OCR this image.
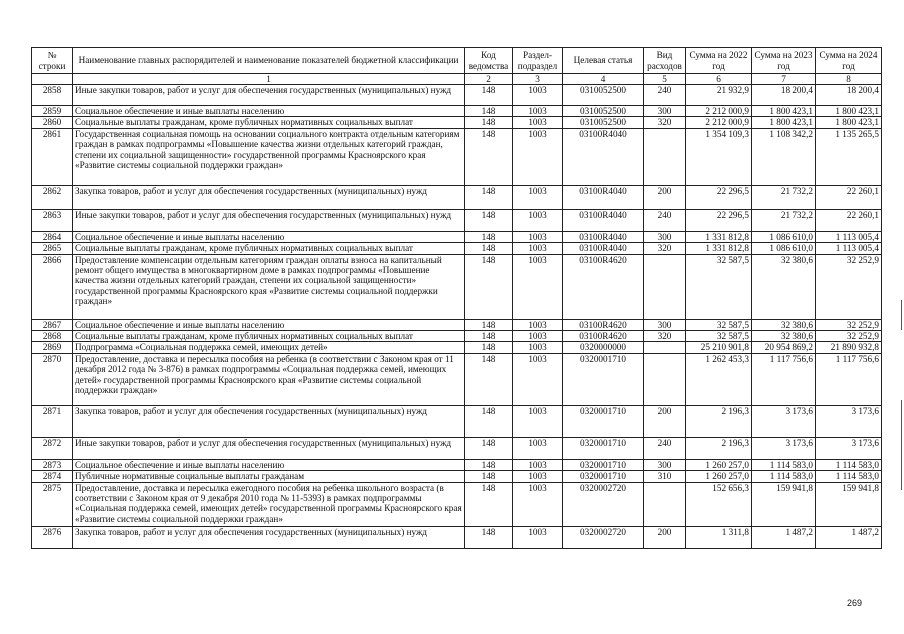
№ строки	Наименование главных распорядителей и наименование показателей бюджетной классификации	Код ведомства	Раздел-подраздел	Целевая статья	Вид расходов	Сумма на 2022 год	Сумма на 2023 год	Сумма на 2024 год
	1	2	3	4	5	6	7	8
2858	Иные закупки товаров, работ и услуг для обеспечения государственных (муниципальных) нужд	148	1003	0310052500	240	21 932,9	18 200,4	18 200,4
2859	Социальное обеспечение и иные выплаты населению	148	1003	0310052500	300	2 212 000,9	1 800 423,1	1 800 423,1
2860	Социальные выплаты гражданам, кроме публичных нормативных социальных выплат	148	1003	0310052500	320	2 212 000,9	1 800 423,1	1 800 423,1
2861	Государственная социальная помощь на основании социального контракта отдельным категориям граждан в рамках подпрограммы «Повышение качества жизни отдельных категорий граждан, степени их социальной защищенности» государственной программы Красноярского края «Развитие системы социальной поддержки граждан»	148	1003	03100R4040		1 354 109,3	1 108 342,2	1 135 265,5
2862	Закупка товаров, работ и услуг для обеспечения государственных (муниципальных) нужд	148	1003	03100R4040	200	22 296,5	21 732,2	22 260,1
2863	Иные закупки товаров, работ и услуг для обеспечения государственных (муниципальных) нужд	148	1003	03100R4040	240	22 296,5	21 732,2	22 260,1
2864	Социальное обеспечение и иные выплаты населению	148	1003	03100R4040	300	1 331 812,8	1 086 610,0	1 113 005,4
2865	Социальные выплаты гражданам, кроме публичных нормативных социальных выплат	148	1003	03100R4040	320	1 331 812,8	1 086 610,0	1 113 005,4
2866	Предоставление компенсации отдельным категориям граждан оплаты взноса на капитальный ремонт общего имущества в многоквартирном доме в рамках подпрограммы «Повышение качества жизни отдельных категорий граждан, степени их социальной защищенности» государственной программы Красноярского края «Развитие системы социальной поддержки граждан»	148	1003	03100R4620		32 587,5	32 380,6	32 252,9
2867	Социальное обеспечение и иные выплаты населению	148	1003	03100R4620	300	32 587,5	32 380,6	32 252,9
2868	Социальные выплаты гражданам, кроме публичных нормативных социальных выплат	148	1003	03100R4620	320	32 587,5	32 380,6	32 252,9
2869	Подпрограмма «Социальная поддержка семей, имеющих детей»	148	1003	0320000000		25 210 901,8	20 954 869,2	21 890 932,8
2870	Предоставление, доставка и пересылка пособия на ребенка (в соответствии с Законом края от 11 декабря 2012 года № 3-876) в рамках подпрограммы «Социальная поддержка семей, имеющих детей» государственной программы Красноярского края «Развитие системы социальной поддержки граждан»	148	1003	0320001710		1 262 453,3	1 117 756,6	1 117 756,6
2871	Закупка товаров, работ и услуг для обеспечения государственных (муниципальных) нужд	148	1003	0320001710	200	2 196,3	3 173,6	3 173,6
2872	Иные закупки товаров, работ и услуг для обеспечения государственных (муниципальных) нужд	148	1003	0320001710	240	2 196,3	3 173,6	3 173,6
2873	Социальное обеспечение и иные выплаты населению	148	1003	0320001710	300	1 260 257,0	1 114 583,0	1 114 583,0
2874	Публичные нормативные социальные выплаты гражданам	148	1003	0320001710	310	1 260 257,0	1 114 583,0	1 114 583,0
2875	Предоставление, доставка и пересылка ежегодного пособия на ребенка школьного возраста (в соответствии с Законом края от 9 декабря 2010 года № 11-5393) в рамках подпрограммы «Социальная поддержка семей, имеющих детей» государственной программы Красноярского края «Развитие системы социальной поддержки граждан»	148	1003	0320002720		152 656,3	159 941,8	159 941,8
2876	Закупка товаров, работ и услуг для обеспечения государственных (муниципальных) нужд	148	1003	0320002720	200	1 311,8	1 487,2	1 487,2
269
